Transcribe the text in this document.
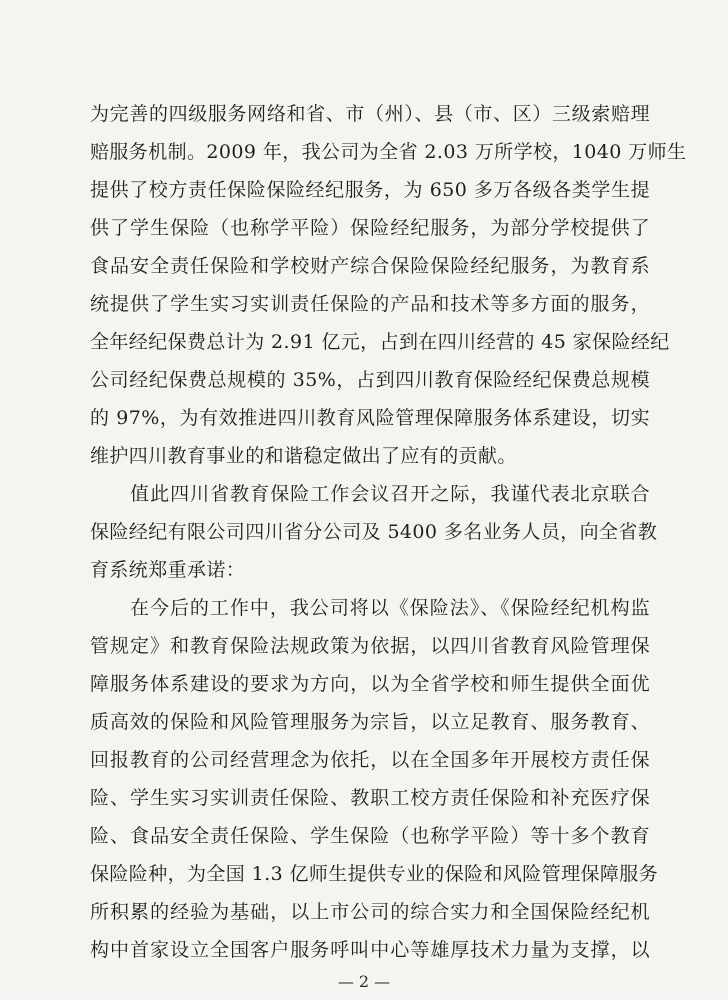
为完善的四级服务网络和省、市（州）、县（市、区）三级索赔理
赔服务机制。2009 年，我公司为全省 2.03 万所学校，1040 万师生
提供了校方责任保险保险经纪服务，为 650 多万各级各类学生提
供了学生保险（也称学平险）保险经纪服务，为部分学校提供了
食品安全责任保险和学校财产综合保险保险经纪服务，为教育系
统提供了学生实习实训责任保险的产品和技术等多方面的服务，
全年经纪保费总计为 2.91 亿元，占到在四川经营的 45 家保险经纪
公司经纪保费总规模的 35%，占到四川教育保险经纪保费总规模
的 97%，为有效推进四川教育风险管理保障服务体系建设，切实
维护四川教育事业的和谐稳定做出了应有的贡献。
　　值此四川省教育保险工作会议召开之际，我谨代表北京联合
保险经纪有限公司四川省分公司及 5400 多名业务人员，向全省教
育系统郑重承诺：
　　在今后的工作中，我公司将以《保险法》、《保险经纪机构监
管规定》和教育保险法规政策为依据，以四川省教育风险管理保
障服务体系建设的要求为方向，以为全省学校和师生提供全面优
质高效的保险和风险管理服务为宗旨，以立足教育、服务教育、
回报教育的公司经营理念为依托，以在全国多年开展校方责任保
险、学生实习实训责任保险、教职工校方责任保险和补充医疗保
险、食品安全责任保险、学生保险（也称学平险）等十多个教育
保险险种，为全国 1.3 亿师生提供专业的保险和风险管理保障服务
所积累的经验为基础，以上市公司的综合实力和全国保险经纪机
构中首家设立全国客户服务呼叫中心等雄厚技术力量为支撑，以
— 2 —
